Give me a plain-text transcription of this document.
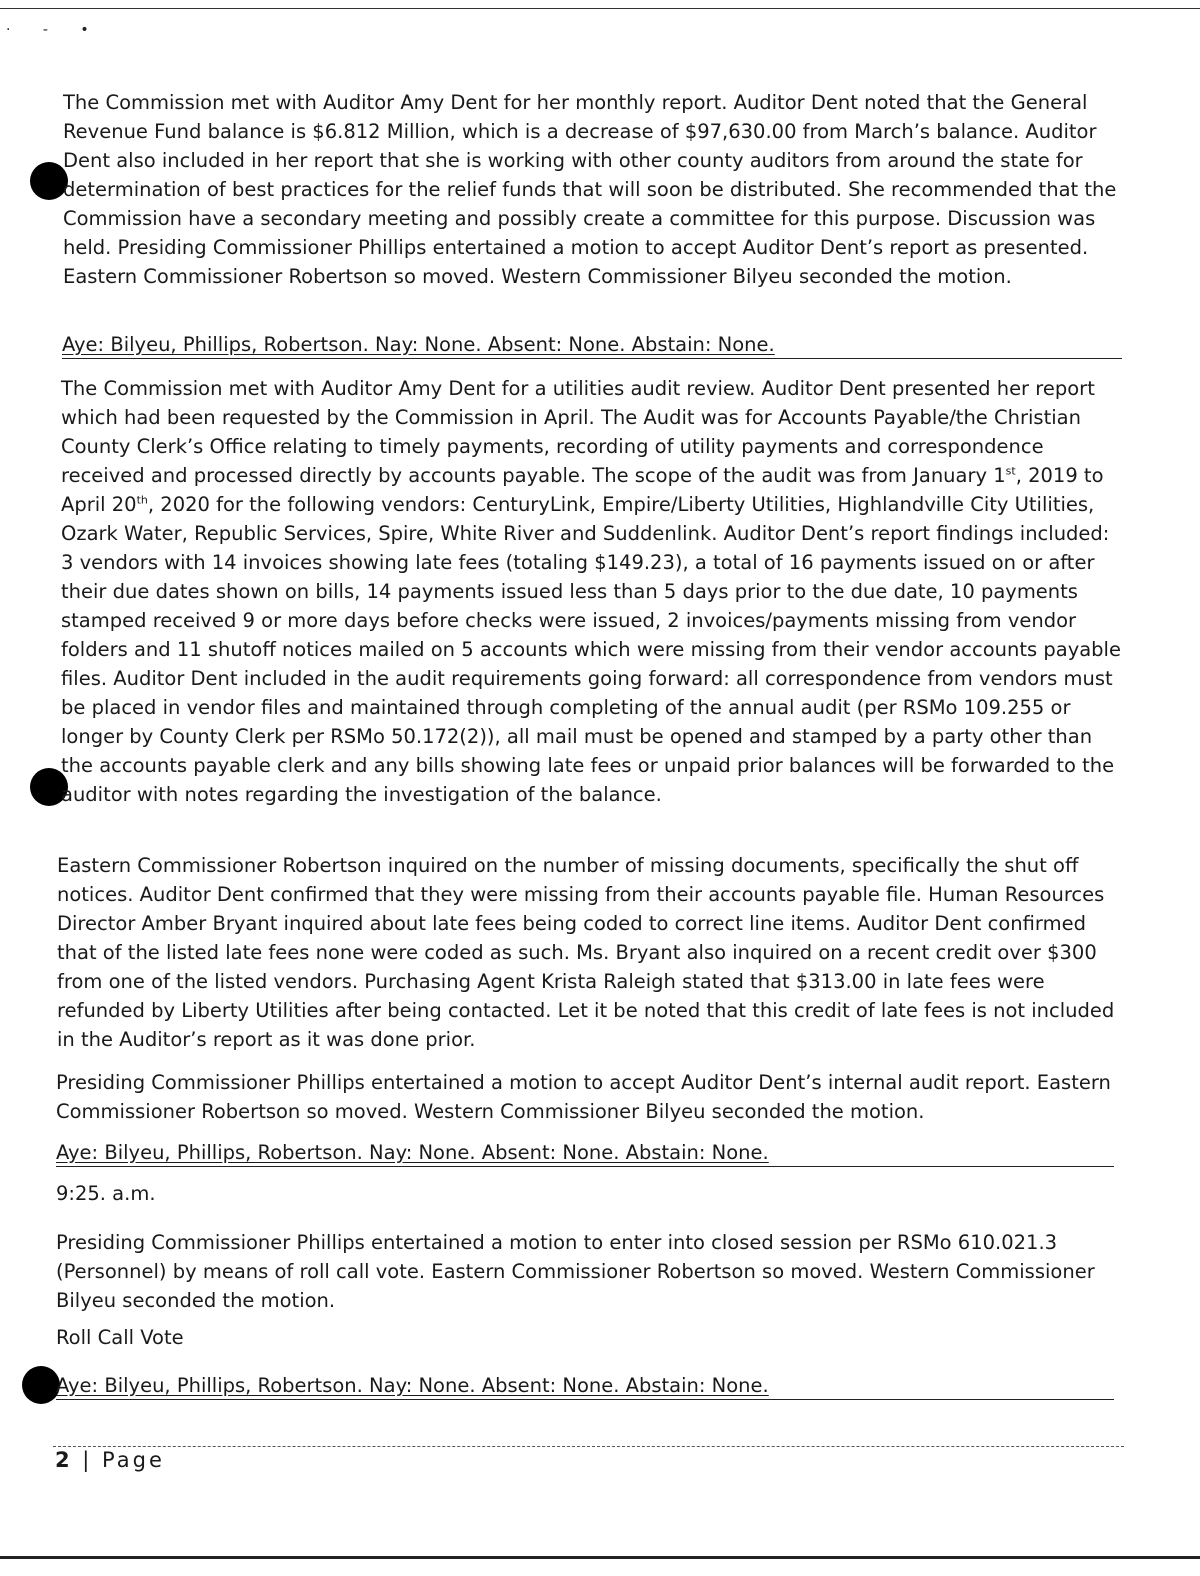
· - •

The Commission met with Auditor Amy Dent for her monthly report. Auditor Dent noted that the General Revenue Fund balance is $6.812 Million, which is a decrease of $97,630.00 from March’s balance. Auditor Dent also included in her report that she is working with other county auditors from around the state for determination of best practices for the relief funds that will soon be distributed. She recommended that the Commission have a secondary meeting and possibly create a committee for this purpose. Discussion was held. Presiding Commissioner Phillips entertained a motion to accept Auditor Dent’s report as presented. Eastern Commissioner Robertson so moved. Western Commissioner Bilyeu seconded the motion.

Aye: Bilyeu, Phillips, Robertson. Nay: None. Absent: None. Abstain: None.

The Commission met with Auditor Amy Dent for a utilities audit review. Auditor Dent presented her report which had been requested by the Commission in April. The Audit was for Accounts Payable/the Christian County Clerk’s Office relating to timely payments, recording of utility payments and correspondence received and processed directly by accounts payable. The scope of the audit was from January 1st, 2019 to April 20th, 2020 for the following vendors: CenturyLink, Empire/Liberty Utilities, Highlandville City Utilities, Ozark Water, Republic Services, Spire, White River and Suddenlink. Auditor Dent’s report findings included: 3 vendors with 14 invoices showing late fees (totaling $149.23), a total of 16 payments issued on or after their due dates shown on bills, 14 payments issued less than 5 days prior to the due date, 10 payments stamped received 9 or more days before checks were issued, 2 invoices/payments missing from vendor folders and 11 shutoff notices mailed on 5 accounts which were missing from their vendor accounts payable files. Auditor Dent included in the audit requirements going forward: all correspondence from vendors must be placed in vendor files and maintained through completing of the annual audit (per RSMo 109.255 or longer by County Clerk per RSMo 50.172(2)), all mail must be opened and stamped by a party other than the accounts payable clerk and any bills showing late fees or unpaid prior balances will be forwarded to the auditor with notes regarding the investigation of the balance.

Eastern Commissioner Robertson inquired on the number of missing documents, specifically the shut off notices. Auditor Dent confirmed that they were missing from their accounts payable file. Human Resources Director Amber Bryant inquired about late fees being coded to correct line items. Auditor Dent confirmed that of the listed late fees none were coded as such. Ms. Bryant also inquired on a recent credit over $300 from one of the listed vendors. Purchasing Agent Krista Raleigh stated that $313.00 in late fees were refunded by Liberty Utilities after being contacted. Let it be noted that this credit of late fees is not included in the Auditor’s report as it was done prior.

Presiding Commissioner Phillips entertained a motion to accept Auditor Dent’s internal audit report. Eastern Commissioner Robertson so moved. Western Commissioner Bilyeu seconded the motion.

Aye: Bilyeu, Phillips, Robertson. Nay: None. Absent: None. Abstain: None.
9:25. a.m.

Presiding Commissioner Phillips entertained a motion to enter into closed session per RSMo 610.021.3 (Personnel) by means of roll call vote. Eastern Commissioner Robertson so moved. Western Commissioner Bilyeu seconded the motion.

Roll Call Vote
Aye: Bilyeu, Phillips, Robertson. Nay: None. Absent: None. Abstain: None.
2 | Page
